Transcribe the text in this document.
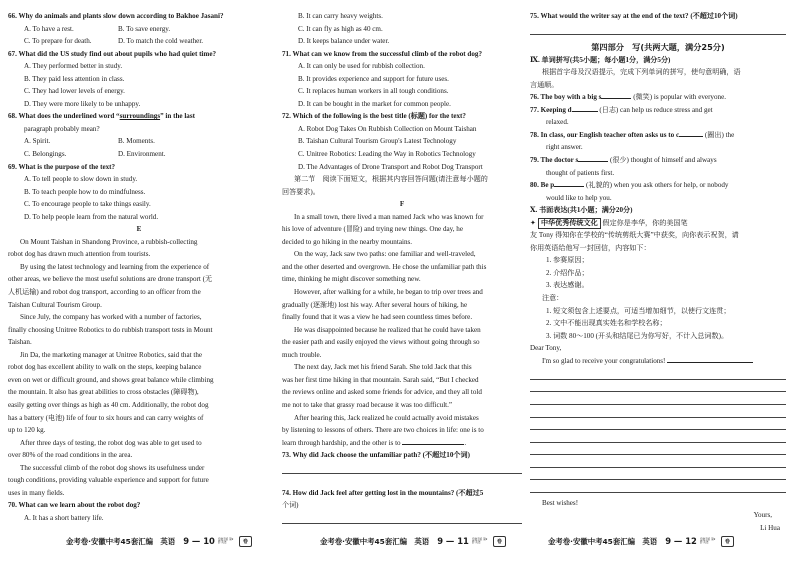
66. Why do animals and plants slow down according to Bakhoe Jasani?
A. To have a rest.	B. To save energy.
C. To prepare for death.	D. To match the cold weather.
67. What did the US study find out about pupils who had quiet time?
A. They performed better in study.
B. They paid less attention in class.
C. They had lower levels of energy.
D. They were more likely to be unhappy.
68. What does the underlined word “surroundings” in the last
paragraph probably mean?
A. Spirit.	B. Moments.
C. Belongings.	D. Environment.
69. What is the purpose of the text?
A. To tell people to slow down in study.
B. To teach people how to do mindfulness.
C. To encourage people to take things easily.
D. To help people learn from the natural world.
E
On Mount Taishan in Shandong Province, a rubbish-collecting
robot dog has drawn much attention from tourists.
By using the latest technology and learning from the experience of
other areas, we believe the most useful solutions are drone transport (无
人机运输) and robot dog transport, according to an officer from the
Taishan Cultural Tourism Group.
Since July, the company has worked with a number of factories,
finally choosing Unitree Robotics to do rubbish transport tests in Mount
Taishan.
Jin Da, the marketing manager at Unitree Robotics, said that the
robot dog has excellent ability to walk on the steps, keeping balance
even on wet or difficult ground, and shows great balance while climbing
the mountain. It also has great abilities to cross obstacles (障碍物),
easily getting over things as high as 40 cm. Additionally, the robot dog
has a battery (电池) life of four to six hours and can carry weights of
up to 120 kg.
After three days of testing, the robot dog was able to get used to
over 80% of the road conditions in the area.
The successful climb of the robot dog shows its usefulness under
tough conditions, providing valuable experience and support for future
uses in many fields.
70. What can we learn about the robot dog?
A. It has a short battery life.
B. It can carry heavy weights.
C. It can fly as high as 40 cm.
D. It keeps balance under water.
71. What can we know from the successful climb of the robot dog?
A. It can only be used for rubbish collection.
B. It provides experience and support for future uses.
C. It replaces human workers in all tough conditions.
D. It can be bought in the market for common people.
72. Which of the following is the best title (标题) for the text?
A. Robot Dog Takes On Rubbish Collection on Mount Taishan
B. Taishan Cultural Tourism Group's Latest Technology
C. Unitree Robotics: Leading the Way in Robotics Technology
D. The Advantages of Drone Transport and Robot Dog Transport
第二节　阅读下面短文，根据其内容回答问题(请注意每小题的
回答要求)。
F
In a small town, there lived a man named Jack who was known for
his love of adventure (冒险) and trying new things. One day, he
decided to go hiking in the nearby mountains.
On the way, Jack saw two paths: one familiar and well-traveled,
and the other deserted and overgrown. He chose the unfamiliar path this
time, thinking he might discover something new.
However, after walking for a while, he began to trip over trees and
gradually (逐渐地) lost his way. After several hours of hiking, he
finally found that it was a view he had seen countless times before.
He was disappointed because he realized that he could have taken
the easier path and easily enjoyed the views without going through so
much trouble.
The next day, Jack met his friend Sarah. She told Jack that this
was her first time hiking in that mountain. Sarah said, “But I checked
the reviews online and asked some friends for advice, and they all told
me not to take that grassy road because it was too difficult.”
After hearing this, Jack realized he could actually avoid mistakes
by listening to lessons of others. There are two choices in life: one is to
learn through hardship, and the other is to	.
73. Why did Jack choose the unfamiliar path? (不超过10个词)
74. How did Jack feel after getting lost in the mountains? (不超过5
个词)
75. What would the writer say at the end of the text? (不超过10个词)
第四部分　写(共两大题，满分25分)
Ⅸ. 单词拼写(共5小题；每小题1分，满分5分)
根据首字母及汉语提示，完成下列单词的拼写，使句意明确，语
言通顺。
76. The boy with a big s	(微笑) is popular with everyone.
77. Keeping d	(日志) can help us reduce stress and get
relaxed.
78. In class, our English teacher often asks us to c	(圈出) the
right answer.
79. The doctor s	(很少) thought of himself and always
thought of patients first.
80. Be p	(礼貌的) when you ask others for help, or nobody
would like to help you.
Ⅹ. 书面表达(共1小题；满分20分)
✦ 中华优秀传统文化 假定你是李华，你的美国笔
友 Tony 得知你在学校的“传统剪纸大赛”中获奖，向你表示祝贺，请
你用英语给他写一封回信，内容如下：
1. 参赛原因；
2. 介绍作品；
3. 表达感谢。
注意：
1. 短文须包含上述要点，可适当增加细节，以使行文连贯；
2. 文中不能出现真实姓名和学校名称；
3. 词数 80～100 (开头和结尾已为你写好，不计入总词数)。
Dear Tony,
I'm so glad to receive your congratulations!
Best wishes!
Yours,
Li Hua
金考卷·安徽中考45套汇编　英语 9 — 10 安徽专版 第9套 英语	卷	金考卷·安徽中考45套汇编　英语 9 — 11 安徽专版 第9套 英语	卷	金考卷·安徽中考45套汇编　英语 9 — 12 安徽专版 第9套 英语	卷
